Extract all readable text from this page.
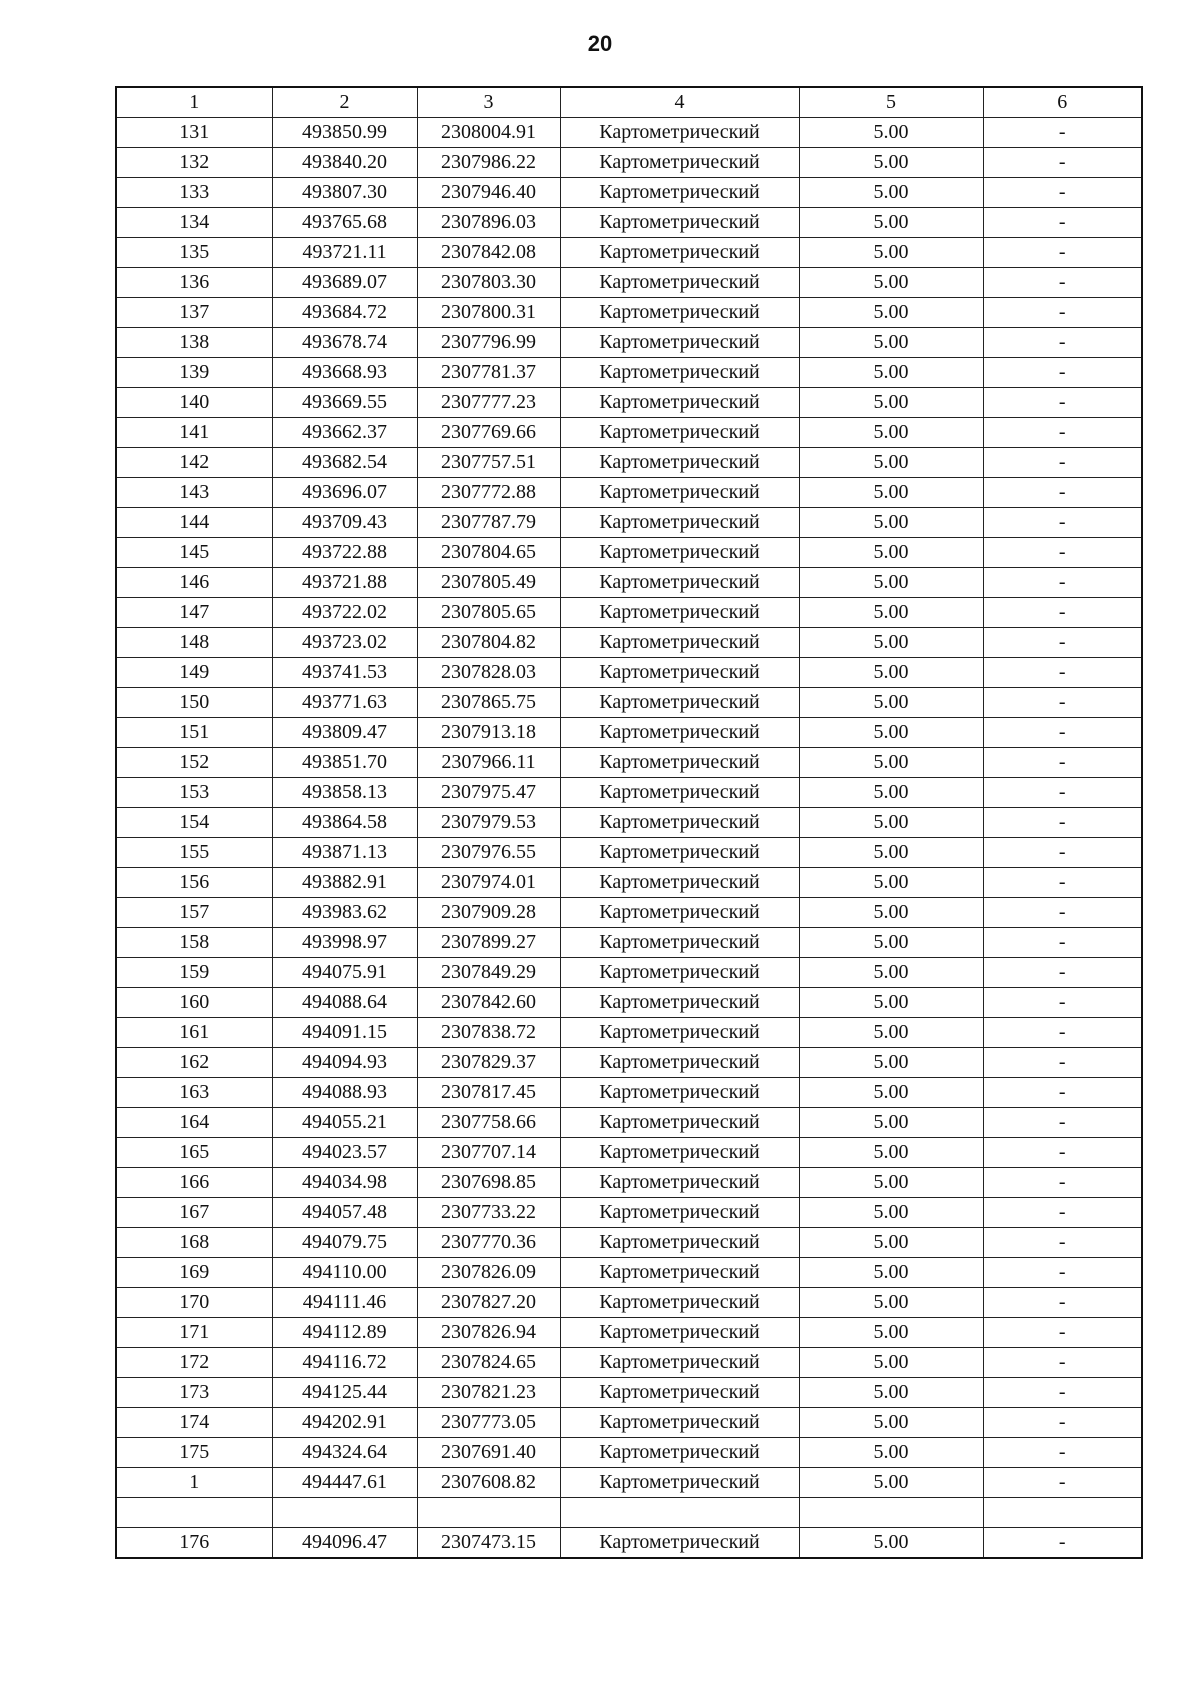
20
1	2	3	4	5	6
131	493850.99	2308004.91	Картометрический	5.00	-
132	493840.20	2307986.22	Картометрический	5.00	-
133	493807.30	2307946.40	Картометрический	5.00	-
134	493765.68	2307896.03	Картометрический	5.00	-
135	493721.11	2307842.08	Картометрический	5.00	-
136	493689.07	2307803.30	Картометрический	5.00	-
137	493684.72	2307800.31	Картометрический	5.00	-
138	493678.74	2307796.99	Картометрический	5.00	-
139	493668.93	2307781.37	Картометрический	5.00	-
140	493669.55	2307777.23	Картометрический	5.00	-
141	493662.37	2307769.66	Картометрический	5.00	-
142	493682.54	2307757.51	Картометрический	5.00	-
143	493696.07	2307772.88	Картометрический	5.00	-
144	493709.43	2307787.79	Картометрический	5.00	-
145	493722.88	2307804.65	Картометрический	5.00	-
146	493721.88	2307805.49	Картометрический	5.00	-
147	493722.02	2307805.65	Картометрический	5.00	-
148	493723.02	2307804.82	Картометрический	5.00	-
149	493741.53	2307828.03	Картометрический	5.00	-
150	493771.63	2307865.75	Картометрический	5.00	-
151	493809.47	2307913.18	Картометрический	5.00	-
152	493851.70	2307966.11	Картометрический	5.00	-
153	493858.13	2307975.47	Картометрический	5.00	-
154	493864.58	2307979.53	Картометрический	5.00	-
155	493871.13	2307976.55	Картометрический	5.00	-
156	493882.91	2307974.01	Картометрический	5.00	-
157	493983.62	2307909.28	Картометрический	5.00	-
158	493998.97	2307899.27	Картометрический	5.00	-
159	494075.91	2307849.29	Картометрический	5.00	-
160	494088.64	2307842.60	Картометрический	5.00	-
161	494091.15	2307838.72	Картометрический	5.00	-
162	494094.93	2307829.37	Картометрический	5.00	-
163	494088.93	2307817.45	Картометрический	5.00	-
164	494055.21	2307758.66	Картометрический	5.00	-
165	494023.57	2307707.14	Картометрический	5.00	-
166	494034.98	2307698.85	Картометрический	5.00	-
167	494057.48	2307733.22	Картометрический	5.00	-
168	494079.75	2307770.36	Картометрический	5.00	-
169	494110.00	2307826.09	Картометрический	5.00	-
170	494111.46	2307827.20	Картометрический	5.00	-
171	494112.89	2307826.94	Картометрический	5.00	-
172	494116.72	2307824.65	Картометрический	5.00	-
173	494125.44	2307821.23	Картометрический	5.00	-
174	494202.91	2307773.05	Картометрический	5.00	-
175	494324.64	2307691.40	Картометрический	5.00	-
1	494447.61	2307608.82	Картометрический	5.00	-

176	494096.47	2307473.15	Картометрический	5.00	-
